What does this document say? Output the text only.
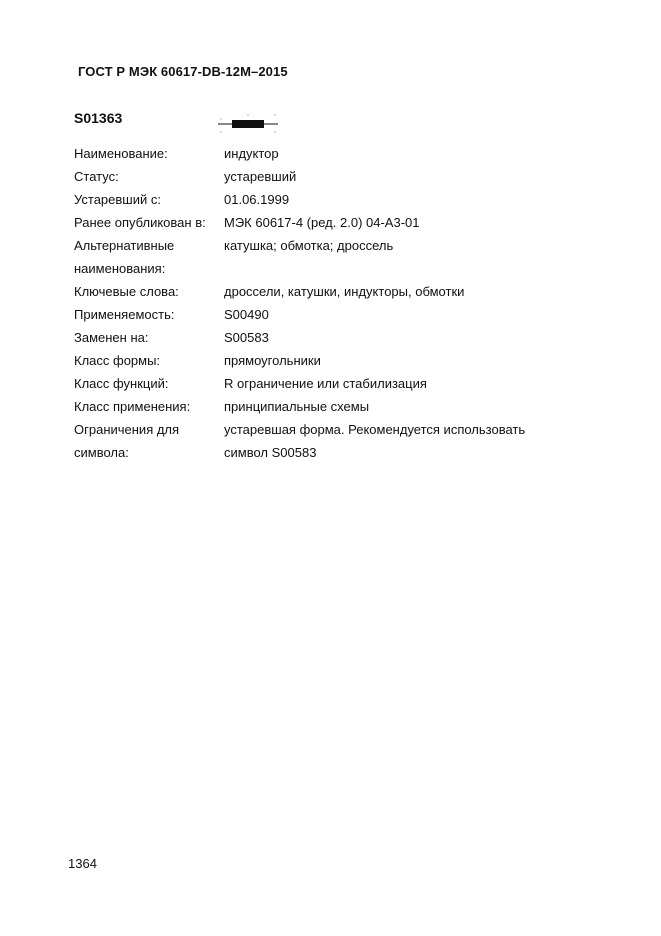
ГОСТ Р МЭК 60617-DB-12M–2015
S01363
Наименование:	индуктор
Статус:	устаревший
Устаревший с:	01.06.1999
Ранее опубликован в:	МЭК 60617-4 (ред. 2.0) 04-А3-01
Альтернативные	катушка; обмотка; дроссель
наименования:
Ключевые слова:	дроссели, катушки, индукторы, обмотки
Применяемость:	S00490
Заменен на:	S00583
Класс формы:	прямоугольники
Класс функций:	R ограничение или стабилизация
Класс применения:	принципиальные схемы
Ограничения для	устаревшая форма. Рекомендуется использовать
символа:	символ S00583
1364
